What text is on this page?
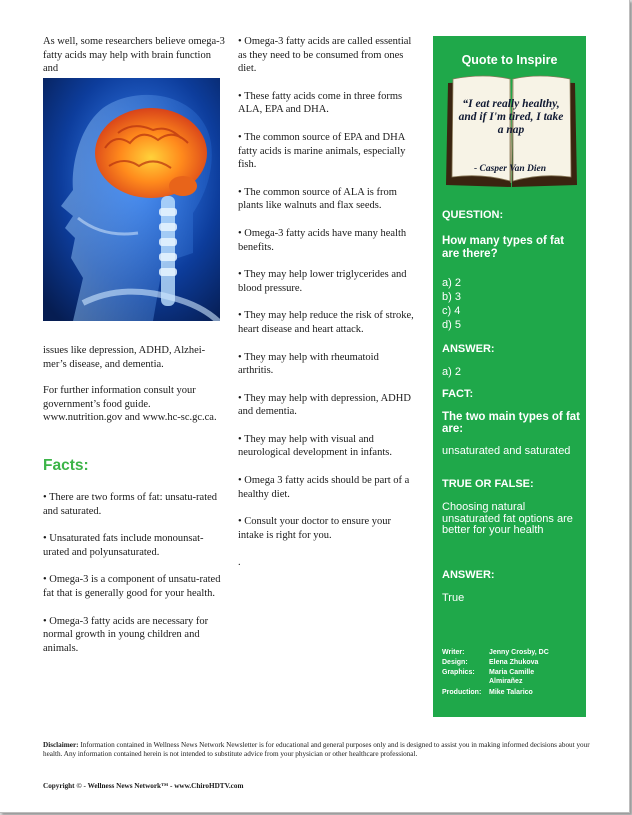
As well, some researchers believe omega-3 fatty acids may help with brain function and

issues like depression, ADHD, Alzhei-mer’s disease, and dementia.

For further information consult your government’s food guide. www.nutrition.gov and www.hc-sc.gc.ca.

Facts:

• There are two forms of fat: unsatu-rated and saturated.

• Unsaturated fats include monounsat-urated and polyunsaturated.

• Omega-3 is a component of unsatu-rated fat that is generally good for your health.

• Omega-3 fatty acids are necessary for normal growth in young children and animals.

• Omega-3 fatty acids are called essential as they need to be consumed from ones diet.

• These fatty acids come in three forms ALA, EPA and DHA.

• The common source of EPA and DHA fatty acids is marine animals, especially fish.

• The common source of ALA is from plants like walnuts and flax seeds.

• Omega-3 fatty acids have many health benefits.

• They may help lower triglycerides and blood pressure.

• They may help reduce the risk of stroke, heart disease and heart attack.

• They may help with rheumatoid arthritis.

• They may help with depression, ADHD and dementia.

• They may help with visual and neurological development in infants.

• Omega 3 fatty acids should be part of a healthy diet.

• Consult your doctor to ensure your intake is right for you.

.

Quote to Inspire
“I eat really healthy, and if I'm tired, I take a nap
- Casper Van Dien
QUESTION:
How many types of fat are there?
a) 2
b) 3
c) 4
d) 5
ANSWER:
a) 2
FACT:
The two main types of fat are:
unsaturated and saturated
TRUE OR FALSE:
Choosing natural unsaturated fat options are better for your health
ANSWER:
True
Writer:	Jenny Crosby, DC
Design:	Elena Zhukova
Graphics: Maria Camille Almirañez
Production: Mike Talarico
Disclaimer: Information contained in Wellness News Network Newsletter is for educational and general purposes only and is designed to assist you in making informed decisions about your health. Any information contained herein is not intended to substitute advice from your physician or other healthcare professional.
Copyright © - Wellness News Network™ - www.ChiroHDTV.com
